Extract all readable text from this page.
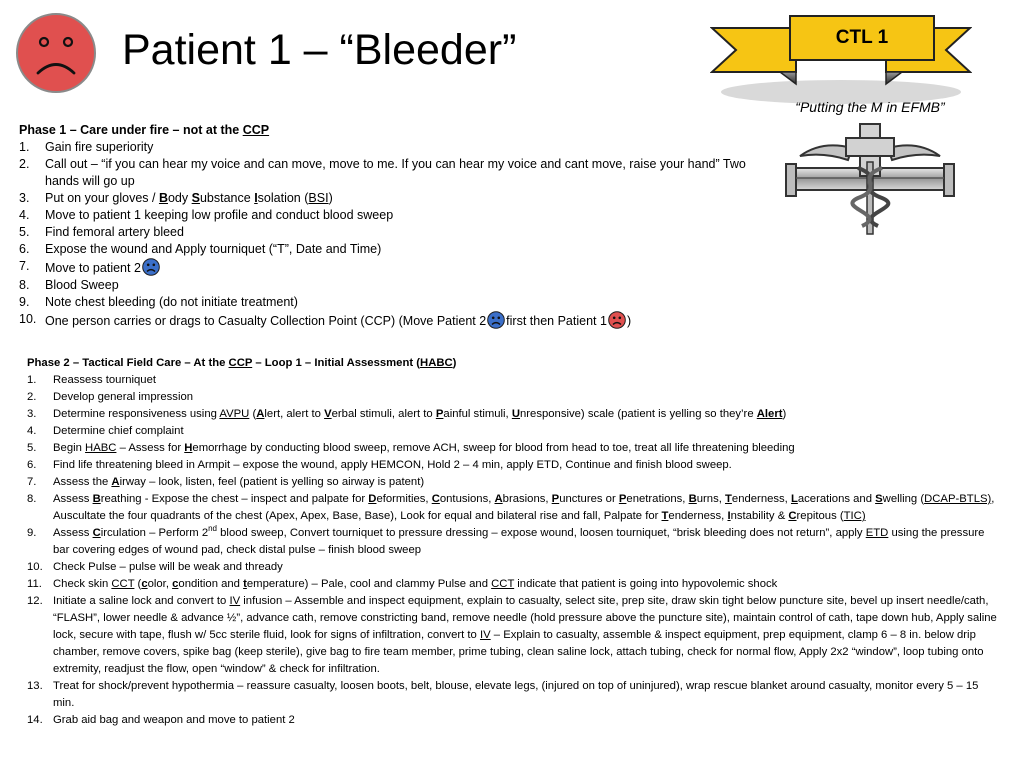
Patient 1 – “Bleeder”	CTL 1
“Putting the M in EFMB”
Phase 1 – Care under fire – not at the CCP
1.	Gain fire superiority
2.	Call out – “if you can hear my voice and can move, move to me. If you can hear my voice and cant move, raise your hand” Two hands will go up
3.	Put on your gloves / Body Substance Isolation (BSI)
4.	Move to patient 1 keeping low profile and conduct blood sweep
5.	Find femoral artery bleed
6.	Expose the wound and Apply tourniquet (“T”, Date and Time)
7.	Move to patient 2
8.	Blood Sweep
9.	Note chest bleeding (do not initiate treatment)
10. One person carries or drags to Casualty Collection Point (CCP) (Move Patient 2 first then Patient 1 )
Phase 2 – Tactical Field Care – At the CCP – Loop 1 – Initial Assessment (HABC)
1.	Reassess tourniquet
2.	Develop general impression
3.	Determine responsiveness using AVPU (Alert, alert to Verbal stimuli, alert to Painful stimuli, Unresponsive) scale (patient is yelling so they’re Alert)
4.	Determine chief complaint
5.	Begin HABC – Assess for Hemorrhage by conducting blood sweep, remove ACH, sweep for blood from head to toe, treat all life threatening bleeding
6.	Find life threatening bleed in Armpit – expose the wound, apply HEMCON, Hold 2 – 4 min, apply ETD, Continue and finish blood sweep.
7.	Assess the Airway – look, listen, feel (patient is yelling so airway is patent)
8.	Assess Breathing - Expose the chest – inspect and palpate for Deformities, Contusions, Abrasions, Punctures or Penetrations, Burns, Tenderness, Lacerations and Swelling (DCAP-BTLS), Auscultate the four quadrants of the chest (Apex, Apex, Base, Base), Look for equal and bilateral rise and fall, Palpate for Tenderness, Instability & Crepitous (TIC)
9.	Assess Circulation – Perform 2nd blood sweep, Convert tourniquet to pressure dressing – expose wound, loosen tourniquet, “brisk bleeding does not return”, apply ETD using the pressure bar covering edges of wound pad, check distal pulse – finish blood sweep
10. Check Pulse – pulse will be weak and thready
11. Check skin CCT (color, condition and temperature) – Pale, cool and clammy Pulse and CCT indicate that patient is going into hypovolemic shock
12. Initiate a saline lock and convert to IV infusion – Assemble and inspect equipment, explain to casualty, select site, prep site, draw skin tight below puncture site, bevel up insert needle/cath, “FLASH”, lower needle & advance ½”, advance cath, remove constricting band, remove needle (hold pressure above the puncture site), maintain control of cath, tape down hub, Apply saline lock, secure with tape, flush w/ 5cc sterile fluid, look for signs of infiltration, convert to IV – Explain to casualty, assemble & inspect equipment, prep equipment, clamp 6 – 8 in. below drip chamber, remove covers, spike bag (keep sterile), give bag to fire team member, prime tubing, clean saline lock, attach tubing, check for normal flow, Apply 2x2 “window”, loop tubing onto extremity, readjust the flow, open “window” & check for infiltration.
13. Treat for shock/prevent hypothermia – reassure casualty, loosen boots, belt, blouse, elevate legs, (injured on top of uninjured), wrap rescue blanket around casualty, monitor every 5 – 15 min.
14. Grab aid bag and weapon and move to patient 2
